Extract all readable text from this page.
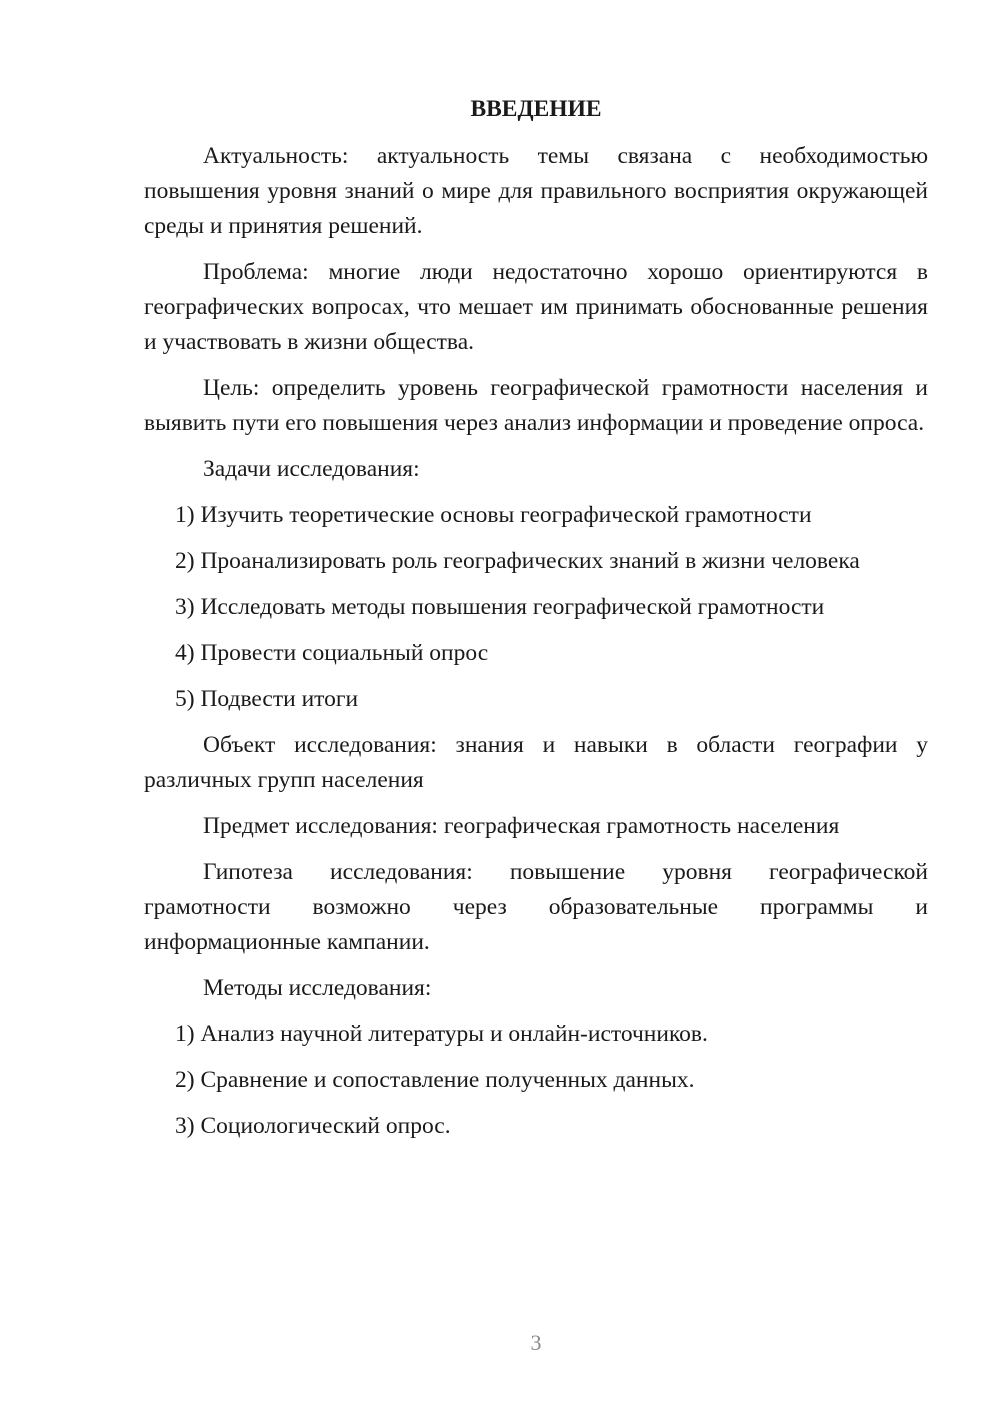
ВВЕДЕНИЕ

Актуальность: актуальность темы связана с необходимостью повышения уровня знаний о мире для правильного восприятия окружающей среды и принятия решений.

Проблема: многие люди недостаточно хорошо ориентируются в географических вопросах, что мешает им принимать обоснованные решения и участвовать в жизни общества.

Цель: определить уровень географической грамотности населения и выявить пути его повышения через анализ информации и проведение опроса.

Задачи исследования:

1) Изучить теоретические основы географической грамотности

2) Проанализировать роль географических знаний в жизни человека

3) Исследовать методы повышения географической грамотности

4) Провести социальный опрос

5) Подвести итоги

Объект исследования: знания и навыки в области географии у различных групп населения

Предмет исследования: географическая грамотность населения

Гипотеза исследования: повышение уровня географической грамотности возможно через образовательные программы и информационные кампании.

Методы исследования:

1) Анализ научной литературы и онлайн-источников.

2) Сравнение и сопоставление полученных данных.

3) Социологический опрос.

3
